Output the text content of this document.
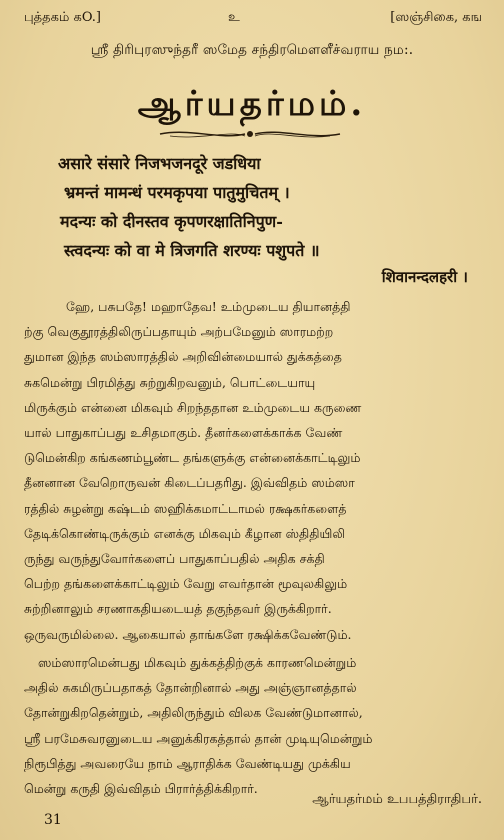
புத்தகம் கO.]	உ	[ஸஞ்சிகை, கங
ஸ்ரீ திரிபுரஸுந்தரீ ஸமேத சந்திரமௌளீச்வராய நம:.
ஆர்யதர்மம்.
असारे संसारे निजभजनदूरे जडधिया
भ्रमन्तं मामन्धं परमकृपया पातुमुचितम् ।
मदन्यः को दीनस्तव कृपणरक्षातिनिपुण-
स्त्वदन्यः को वा मे त्रिजगति शरण्यः पशुपते ॥
शिवानन्दलहरी ।

ஹே, பசுபதே! மஹாதேவ! உம்முடைய தியானத்தி

ற்கு வெகுதூரத்திலிருப்பதாயும் அற்பமேனும் ஸாரமற்ற

துமான இந்த ஸம்ஸாரத்தில் அறிவின்மையால் துக்கத்தை

சுகமென்று பிரமித்து சுற்றுகிறவனும், பொட்டையாயு

மிருக்கும் என்னை மிகவும் சிறந்ததான உம்முடைய கருணை

யால் பாதுகாப்பது உசிதமாகும். தீனர்களைக்காக்க வேண்

டுமென்கிற கங்கணம்பூண்ட தங்களுக்கு என்னைக்காட்டிலும்

தீனனான வேறொருவன் கிடைப்பதரிது. இவ்விதம் ஸம்ஸா

ரத்தில் சுழன்று கஷ்டம் ஸஹிக்கமாட்டாமல் ரக்ஷகர்களைத்

தேடிக்கொண்டிருக்கும் எனக்கு மிகவும் கீழான ஸ்திதியிலி

ருந்து வருந்துவோர்களைப் பாதுகாப்பதில் அதிக சக்தி

பெற்ற தங்களைக்காட்டிலும் வேறு எவர்தான் மூவுலகிலும்

சுற்றினாலும் சரணாகதியடையத் தகுந்தவர் இருக்கிறார்.

ஒருவருமில்லை. ஆகையால் தாங்களே ரக்ஷிக்கவேண்டும்.

ஸம்ஸாரமென்பது மிகவும் துக்கத்திற்குக் காரணமென்றும்

அதில் சுகமிருப்பதாகத் தோன்றினால் அது அஞ்ஞானத்தால்

தோன்றுகிறதென்றும், அதிலிருந்தும் விலக வேண்டுமானால்,

ஸ்ரீ பரமேசுவரனுடைய அனுக்கிரகத்தால் தான் முடியுமென்றும்

நிரூபித்து அவரையே நாம் ஆராதிக்க வேண்டியது முக்கிய

மென்று கருதி இவ்விதம் பிரார்த்திக்கிறார்.

ஆர்யதர்மம் உபபத்திராதிபர்.
31
